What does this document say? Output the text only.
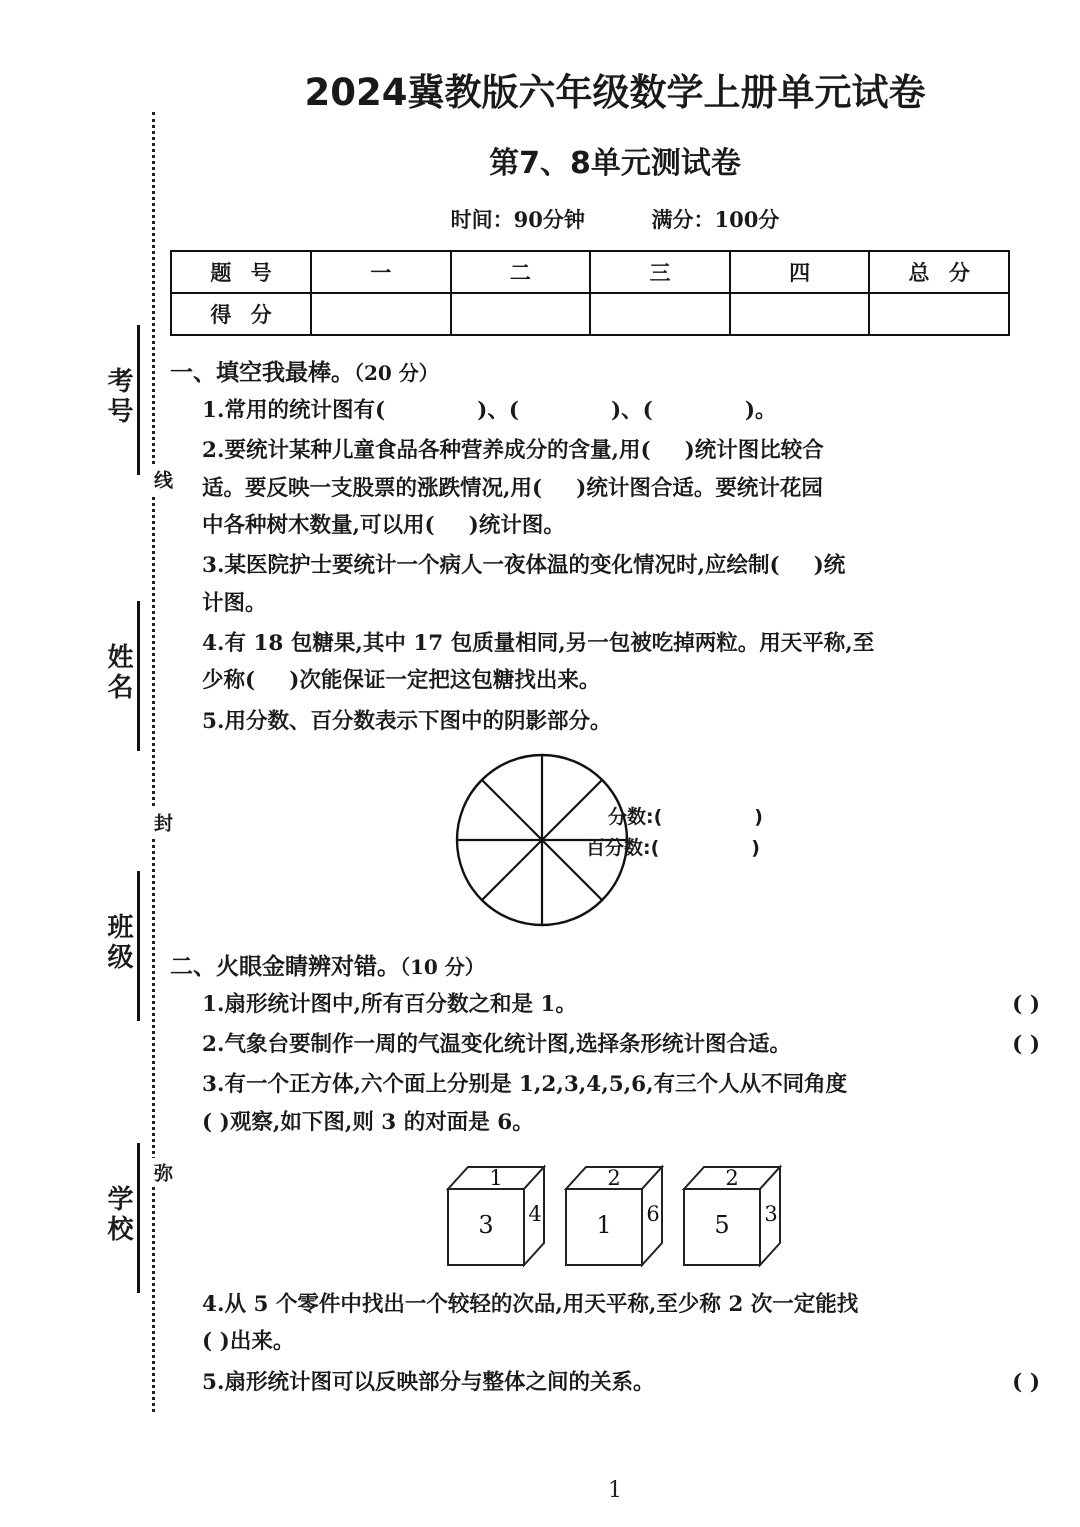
线
封
弥
考号
姓名
班级
学校
2024冀教版六年级数学上册单元试卷
第7、8单元测试卷
时间：90分钟	满分：100分
题 号	一	二	三	四	总 分
得 分					
一、填空我最棒。（20 分）
1.常用的统计图有(	)、(	)、(	)。
2.要统计某种儿童食品各种营养成分的含量,用( )统计图比较合
适。要反映一支股票的涨跌情况,用( )统计图合适。要统计花园
中各种树木数量,可以用( )统计图。
3.某医院护士要统计一个病人一夜体温的变化情况时,应绘制( )统
计图。
4.有 18 包糖果,其中 17 包质量相同,另一包被吃掉两粒。用天平称,至
少称( )次能保证一定把这包糖找出来。
5.用分数、百分数表示下图中的阴影部分。
分数:(	)
百分数:(	)
二、火眼金睛辨对错。（10 分）
( )
1.扇形统计图中,所有百分数之和是 1。
( )
2.气象台要制作一周的气温变化统计图,选择条形统计图合适。
3.有一个正方体,六个面上分别是 1,2,3,4,5,6,有三个人从不同角度
( )观察,如下图,则 3 的对面是 6。
3
1
4 1
2
6 5
2
3
4.从 5 个零件中找出一个较轻的次品,用天平称,至少称 2 次一定能找
( )出来。
( )
5.扇形统计图可以反映部分与整体之间的关系。
1
